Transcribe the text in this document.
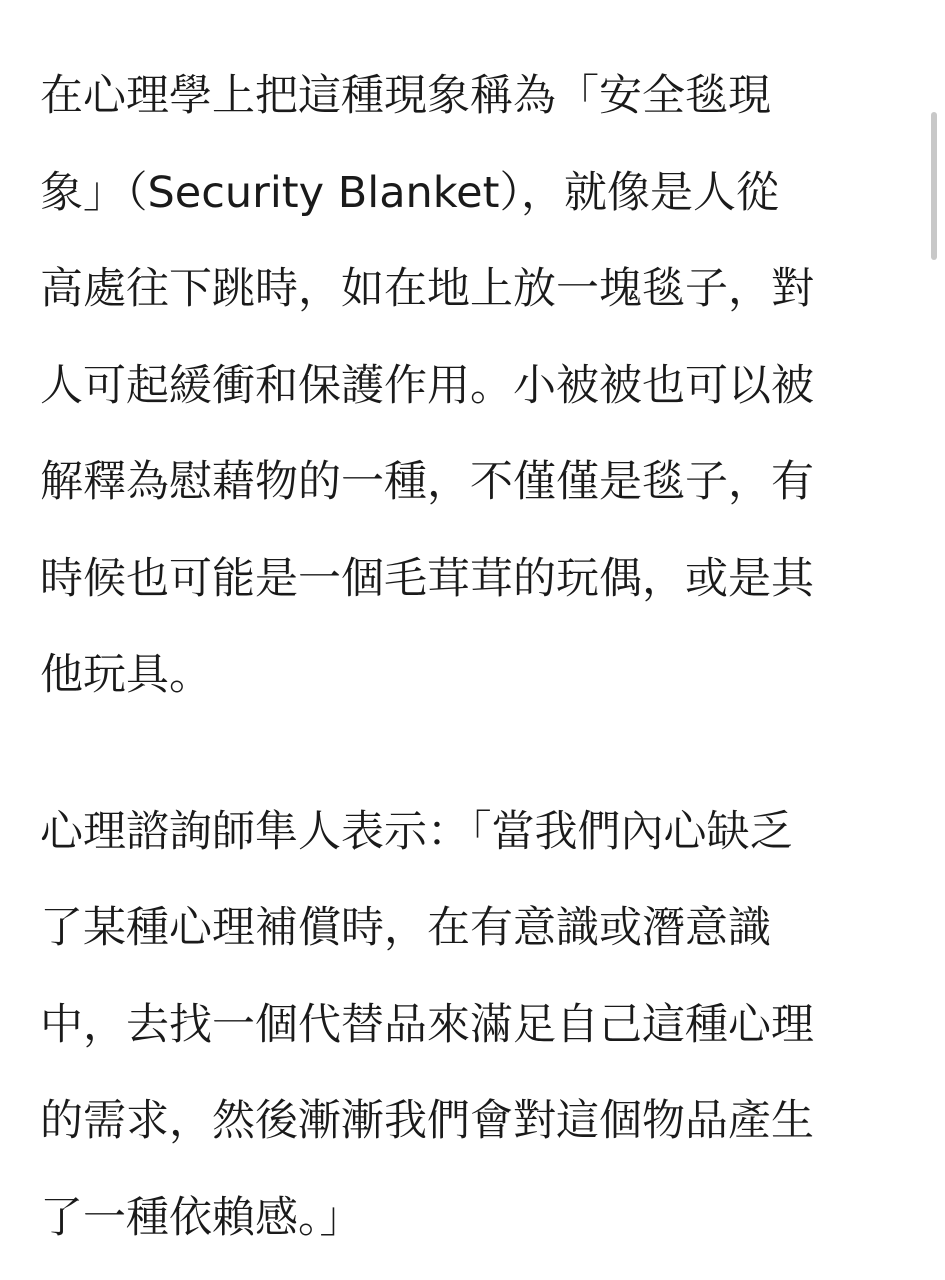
在心理學上把這種現象稱為「安全毯現
象」（Security Blanket），就像是人從
高處往下跳時，如在地上放一塊毯子，對
人可起緩衝和保護作用。小被被也可以被
解釋為慰藉物的一種，不僅僅是毯子，有
時候也可能是一個毛茸茸的玩偶，或是其
他玩具。
心理諮詢師隼人表示：「當我們內心缺乏
了某種心理補償時，在有意識或潛意識
中，去找一個代替品來滿足自己這種心理
的需求，然後漸漸我們會對這個物品產生
了一種依賴感。」
